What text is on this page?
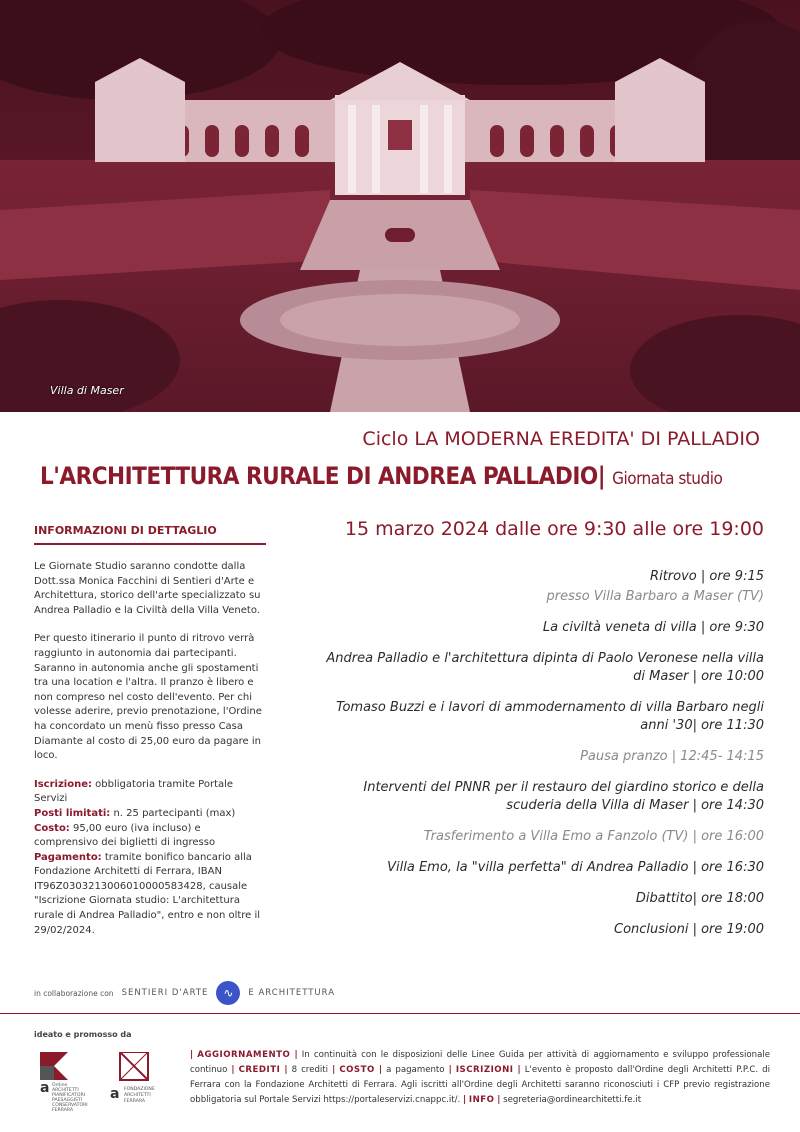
Villa di Maser
Ciclo LA MODERNA EREDITA' DI PALLADIO
L'ARCHITETTURA RURALE DI ANDREA PALLADIO| Giornata studio
INFORMAZIONI DI DETTAGLIO	15 marzo 2024 dalle ore 9:30 alle ore 19:00

Le Giornate Studio saranno condotte dalla Dott.ssa Monica Facchini di Sentieri d'Arte e Architettura, storico dell'arte specializzato su Andrea Palladio e la Civiltà della Villa Veneto.

Per questo itinerario il punto di ritrovo verrà raggiunto in autonomia dai partecipanti. Saranno in autonomia anche gli spostamenti tra una location e l'altra. Il pranzo è libero e non compreso nel costo dell'evento. Per chi volesse aderire, previo prenotazione, l'Ordine ha concordato un menù fisso presso Casa Diamante al costo di 25,00 euro da pagare in loco.

Iscrizione: obbligatoria tramite Portale Servizi

Posti limitati: n. 25 partecipanti (max)

Costo: 95,00 euro (iva incluso) e comprensivo dei biglietti di ingresso

Pagamento: tramite bonifico bancario alla Fondazione Architetti di Ferrara, IBAN IT96Z0303213006010000583428, causale "Iscrizione Giornata studio: L'architettura rurale di Andrea Palladio", entro e non oltre il 29/02/2024.

in collaborazione con SENTIERI D'ARTE	∿	E ARCHITETTURA
Ritrovo | ore 9:15
presso Villa Barbaro a Maser (TV)
La civiltà veneta di villa | ore 9:30
Andrea Palladio e l'architettura dipinta di Paolo Veronese nella villa di Maser | ore 10:00
Tomaso Buzzi e i lavori di ammodernamento di villa Barbaro negli anni '30| ore 11:30
Pausa pranzo | 12:45- 14:15
Interventi del PNNR per il restauro del giardino storico e della scuderia della Villa di Maser | ore 14:30
Trasferimento a Villa Emo a Fanzolo (TV) | ore 16:00
Villa Emo, la "villa perfetta" di Andrea Palladio | ore 16:30
Dibattito| ore 18:00
Conclusioni | ore 19:00
ideato e promosso da
a Ordine ARCHITETTI PIANIFICATORI PAESAGGISTI CONSERVATORI FERRARA
a FONDAZIONE ARCHITETTI FERRARA
| AGGIORNAMENTO | In continuità con le disposizioni delle Linee Guida per attività di aggiornamento e sviluppo professionale continuo | CREDITI | 8 crediti | COSTO | a pagamento | ISCRIZIONI | L'evento è proposto dall'Ordine degli Architetti P.P.C. di Ferrara con la Fondazione Architetti di Ferrara. Agli iscritti all'Ordine degli Architetti saranno riconosciuti i CFP previo registrazione obbligatoria sul Portale Servizi https://portaleservizi.cnappc.it/. | INFO | segreteria@ordinearchitetti.fe.it
